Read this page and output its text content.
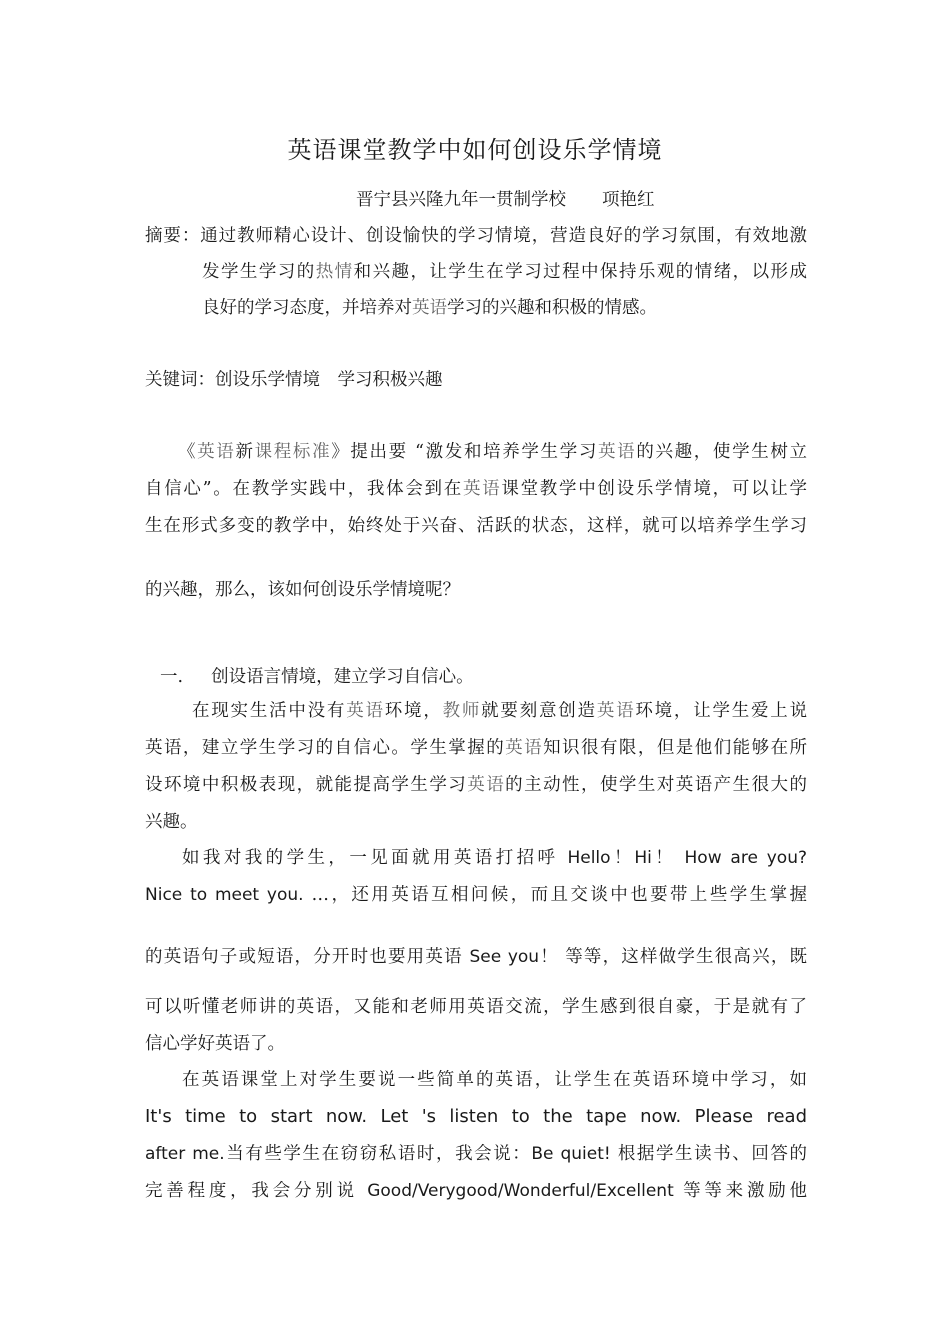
英语课堂教学中如何创设乐学情境
晋宁县兴隆九年一贯制学校 项艳红
摘要：通过教师精心设计、创设愉快的学习情境，营造良好的学习氛围，有效地激
发学生学习的热情和兴趣，让学生在学习过程中保持乐观的情绪，以形成
良好的学习态度，并培养对英语学习的兴趣和积极的情感。
关键词：创设乐学情境　学习积极兴趣
《英语新课程标准》提出要 “激发和培养学生学习英语的兴趣，使学生树立
自信心”。在教学实践中，我体会到在英语课堂教学中创设乐学情境，可以让学
生在形式多变的教学中，始终处于兴奋、活跃的状态，这样，就可以培养学生学习
的兴趣，那么，该如何创设乐学情境呢？
一. 创设语言情境，建立学习自信心。
在现实生活中没有英语环境，教师就要刻意创造英语环境，让学生爱上说
英语，建立学生学习的自信心。学生掌握的英语知识很有限，但是他们能够在所
设环境中积极表现，就能提高学生学习英语的主动性，使学生对英语产生很大的
兴趣。
如我对我的学生，一见面就用英语打招呼 Hello！Hi！ How are you?
Nice to meet you. …，还用英语互相问候，而且交谈中也要带上些学生掌握
的英语句子或短语，分开时也要用英语 See you！ 等等，这样做学生很高兴，既
可以听懂老师讲的英语，又能和老师用英语交流，学生感到很自豪，于是就有了
信心学好英语了。
在英语课堂上对学生要说一些简单的英语，让学生在英语环境中学习，如
It's time to start now. Let 's listen to the tape now. Please read
after me.当有些学生在窃窃私语时，我会说：Be quiet! 根据学生读书、回答的
完善程度，我会分别说 Good/Verygood/Wonderful/Excellent 等等来激励他
